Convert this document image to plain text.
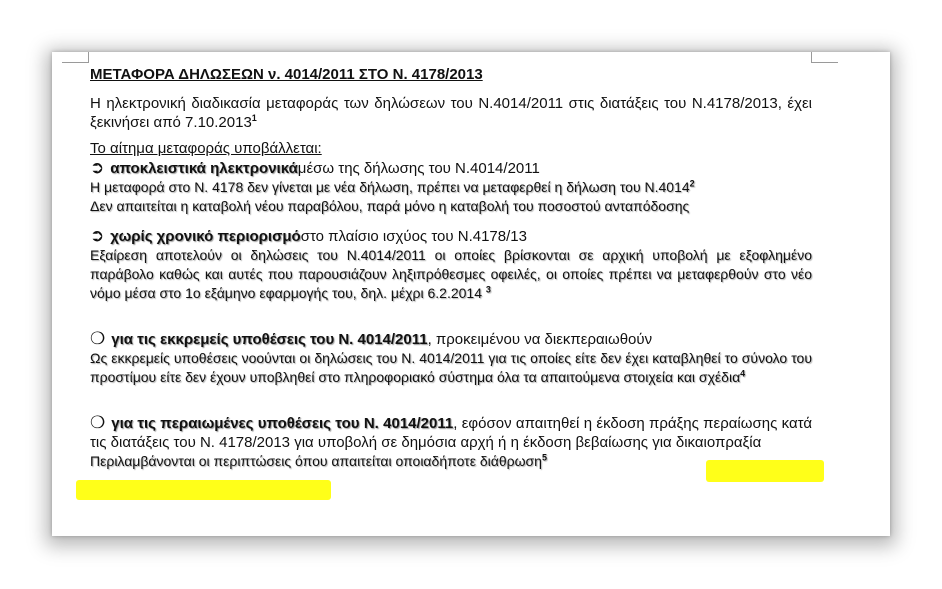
ΜΕΤΑΦΟΡΑ ΔΗΛΩΣΕΩΝ ν. 4014/2011 ΣΤΟ Ν. 4178/2013

Η ηλεκτρονική διαδικασία μεταφοράς των δηλώσεων του Ν.4014/2011 στις διατάξεις του Ν.4178/2013, έχει ξεκινήσει από 7.10.2013$^1$

Το αίτημα μεταφοράς υποβάλλεται:

➲ αποκλειστικά ηλεκτρονικάμέσω της δήλωσης του Ν.4014/2011

Η μεταφορά στο Ν. 4178 δεν γίνεται με νέα δήλωση, πρέπει να μεταφερθεί η δήλωση του Ν.4014$^2$

Δεν απαιτείται η καταβολή νέου παραβόλου, παρά μόνο η καταβολή του ποσοστού ανταπόδοσης

➲ χωρίς χρονικό περιορισμόστο πλαίσιο ισχύος του Ν.4178/13

Εξαίρεση αποτελούν οι δηλώσεις του Ν.4014/2011 οι οποίες βρίσκονται σε αρχική υποβολή με εξοφλημένο παράβολο καθώς και αυτές που παρουσιάζουν ληξιπρόθεσμες οφειλές, οι οποίες πρέπει να μεταφερθούν στο νέο νόμο μέσα στο 1ο εξάμηνο εφαρμογής του, δηλ. μέχρι 6.2.2014 $^3$

❍ για τις εκκρεμείς υποθέσεις του Ν. 4014/2011, προκειμένου να διεκπεραιωθούν

Ως εκκρεμείς υποθέσεις νοούνται οι δηλώσεις του Ν. 4014/2011 για τις οποίες είτε δεν έχει καταβληθεί το σύνολο του προστίμου είτε δεν έχουν υποβληθεί στο πληροφοριακό σύστημα όλα τα απαιτούμενα στοιχεία και σχέδια$^4$

❍ για τις περαιωμένες υποθέσεις του Ν. 4014/2011, εφόσον απαιτηθεί η έκδοση πράξης περαίωσης κατά τις διατάξεις του Ν. 4178/2013 για υποβολή σε δημόσια αρχή ή η έκδοση βεβαίωσης για δικαιοπραξία

Περιλαμβάνονται οι περιπτώσεις όπου απαιτείται οποιαδήποτε διάθρωση$^5$
